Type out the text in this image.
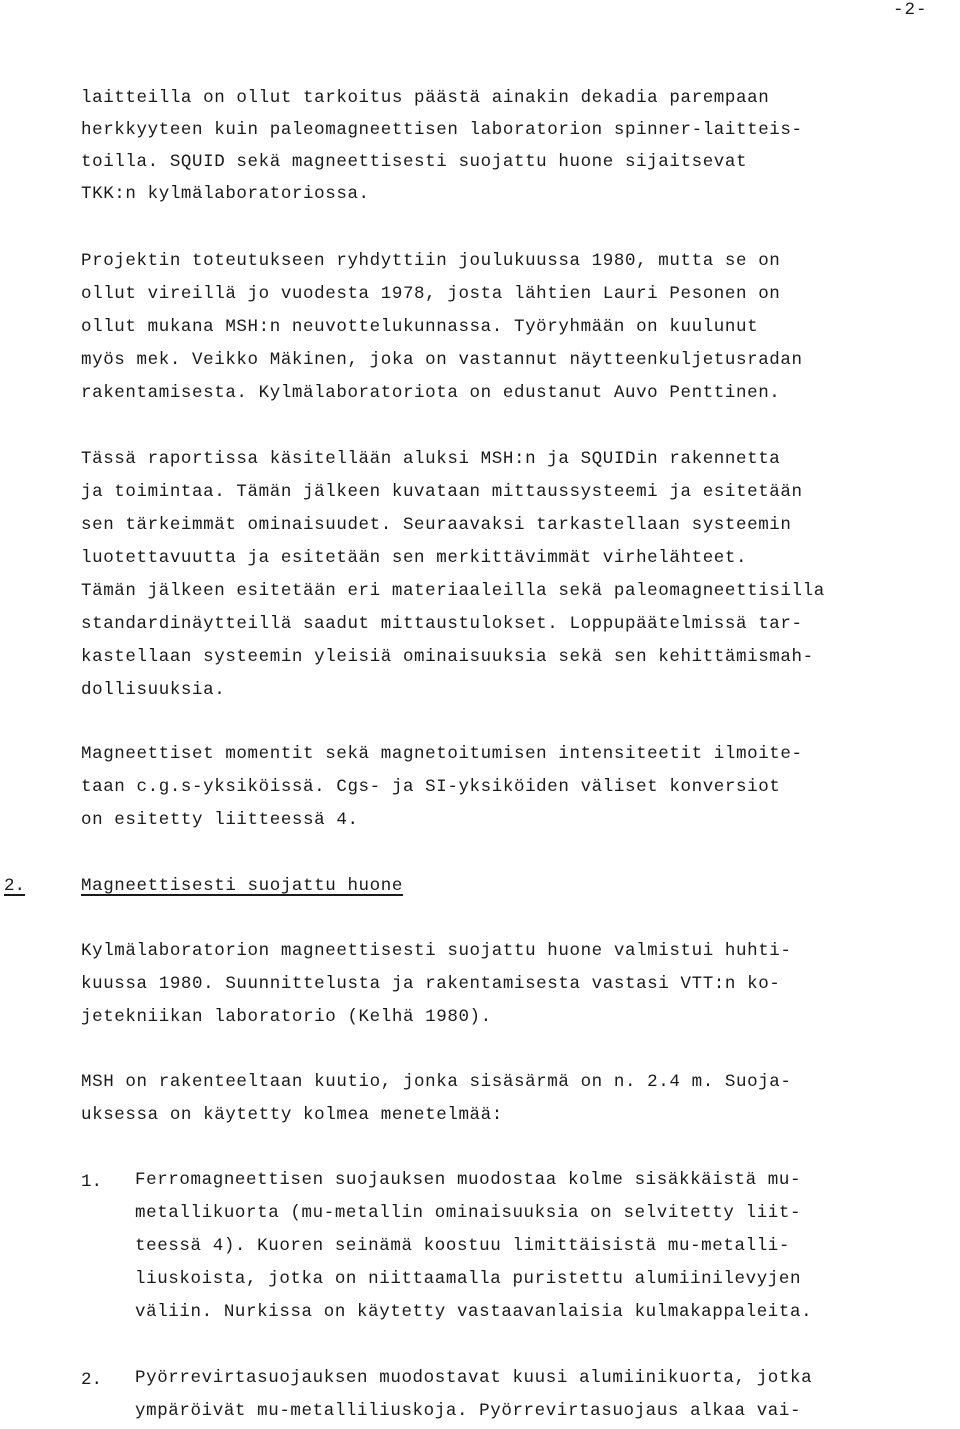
-2-
laitteilla on ollut tarkoitus päästä ainakin dekadia parempaan
herkkyyteen kuin paleomagneettisen laboratorion spinner-laitteis-
toilla. SQUID sekä magneettisesti suojattu huone sijaitsevat
TKK:n kylmälaboratoriossa.
Projektin toteutukseen ryhdyttiin joulukuussa 1980, mutta se on
ollut vireillä jo vuodesta 1978, josta lähtien Lauri Pesonen on
ollut mukana MSH:n neuvottelukunnassa. Työryhmään on kuulunut
myös mek. Veikko Mäkinen, joka on vastannut näytteenkuljetusradan
rakentamisesta. Kylmälaboratoriota on edustanut Auvo Penttinen.
Tässä raportissa käsitellään aluksi MSH:n ja SQUIDin rakennetta
ja toimintaa. Tämän jälkeen kuvataan mittaussysteemi ja esitetään
sen tärkeimmät ominaisuudet. Seuraavaksi tarkastellaan systeemin
luotettavuutta ja esitetään sen merkittävimmät virhelähteet.
Tämän jälkeen esitetään eri materiaaleilla sekä paleomagneettisilla
standardinäytteillä saadut mittaustulokset. Loppupäätelmissä tar-
kastellaan systeemin yleisiä ominaisuuksia sekä sen kehittämismah-
dollisuuksia.
Magneettiset momentit sekä magnetoitumisen intensiteetit ilmoite-
taan c.g.s-yksiköissä. Cgs- ja SI-yksiköiden väliset konversiot
on esitetty liitteessä 4.
2.	Magneettisesti suojattu huone
Kylmälaboratorion magneettisesti suojattu huone valmistui huhti-
kuussa 1980. Suunnittelusta ja rakentamisesta vastasi VTT:n ko-
jetekniikan laboratorio (Kelhä 1980).
MSH on rakenteeltaan kuutio, jonka sisäsärmä on n. 2.4 m. Suoja-
uksessa on käytetty kolmea menetelmää:
1. Ferromagneettisen suojauksen muodostaa kolme sisäkkäistä mu-
metallikuorta (mu-metallin ominaisuuksia on selvitetty liit-
teessä 4). Kuoren seinämä koostuu limittäisistä mu-metalli-
liuskoista, jotka on niittaamalla puristettu alumiinilevyjen
väliin. Nurkissa on käytetty vastaavanlaisia kulmakappaleita.
2. Pyörrevirtasuojauksen muodostavat kuusi alumiinikuorta, jotka
ympäröivät mu-metalliliuskoja. Pyörrevirtasuojaus alkaa vai-
